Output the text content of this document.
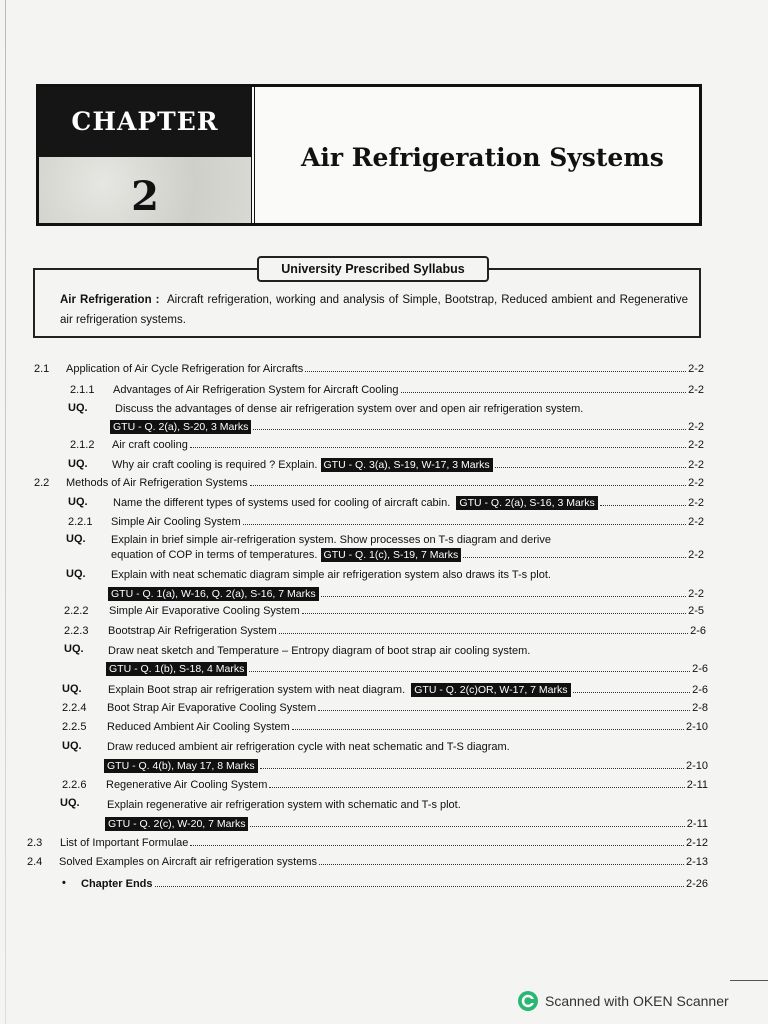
CHAPTER
2
Air Refrigeration Systems
University Prescribed Syllabus
Air Refrigeration : Aircraft refrigeration, working and analysis of Simple, Bootstrap, Reduced ambient and Regenerative air refrigeration systems.
2.1 Application of Air Cycle Refrigeration for Aircrafts	2-2
2.1.1 Advantages of Air Refrigeration System for Aircraft Cooling	2-2
UQ. Discuss the advantages of dense air refrigeration system over and open air refrigeration system.
GTU - Q. 2(a), S-20, 3 Marks	2-2
2.1.2 Air craft cooling	2-2
UQ. Why air craft cooling is required ? Explain.
GTU - Q. 3(a), S-19, W-17, 3 Marks	2-2
2.2 Methods of Air Refrigeration Systems	2-2
UQ. Name the different types of systems used for cooling of aircraft cabin.
GTU - Q. 2(a), S-16, 3 Marks	2-2
2.2.1 Simple Air Cooling System	2-2
UQ. Explain in brief simple air-refrigeration system. Show processes on T-s diagram and derive
equation of COP in terms of temperatures.
GTU - Q. 1(c), S-19, 7 Marks	2-2
UQ. Explain with neat schematic diagram simple air refrigeration system also draws its T-s plot.
GTU - Q. 1(a), W-16, Q. 2(a), S-16, 7 Marks	2-2
2.2.2 Simple Air Evaporative Cooling System	2-5
2.2.3 Bootstrap Air Refrigeration System	2-6
UQ. Draw neat sketch and Temperature – Entropy diagram of boot strap air cooling system.
GTU - Q. 1(b), S-18, 4 Marks	2-6
UQ. Explain Boot strap air refrigeration system with neat diagram.
GTU - Q. 2(c)OR, W-17, 7 Marks	2-6
2.2.4 Boot Strap Air Evaporative Cooling System	2-8
2.2.5 Reduced Ambient Air Cooling System	2-10
UQ. Draw reduced ambient air refrigeration cycle with neat schematic and T-S diagram.
GTU - Q. 4(b), May 17, 8 Marks	2-10
2.2.6 Regenerative Air Cooling System	2-11
UQ. Explain regenerative air refrigeration system with schematic and T-s plot.
GTU - Q. 2(c), W-20, 7 Marks	2-11
2.3 List of Important Formulae	2-12
2.4 Solved Examples on Aircraft air refrigeration systems	2-13
• Chapter Ends	2-26
Scanned with OKEN Scanner
